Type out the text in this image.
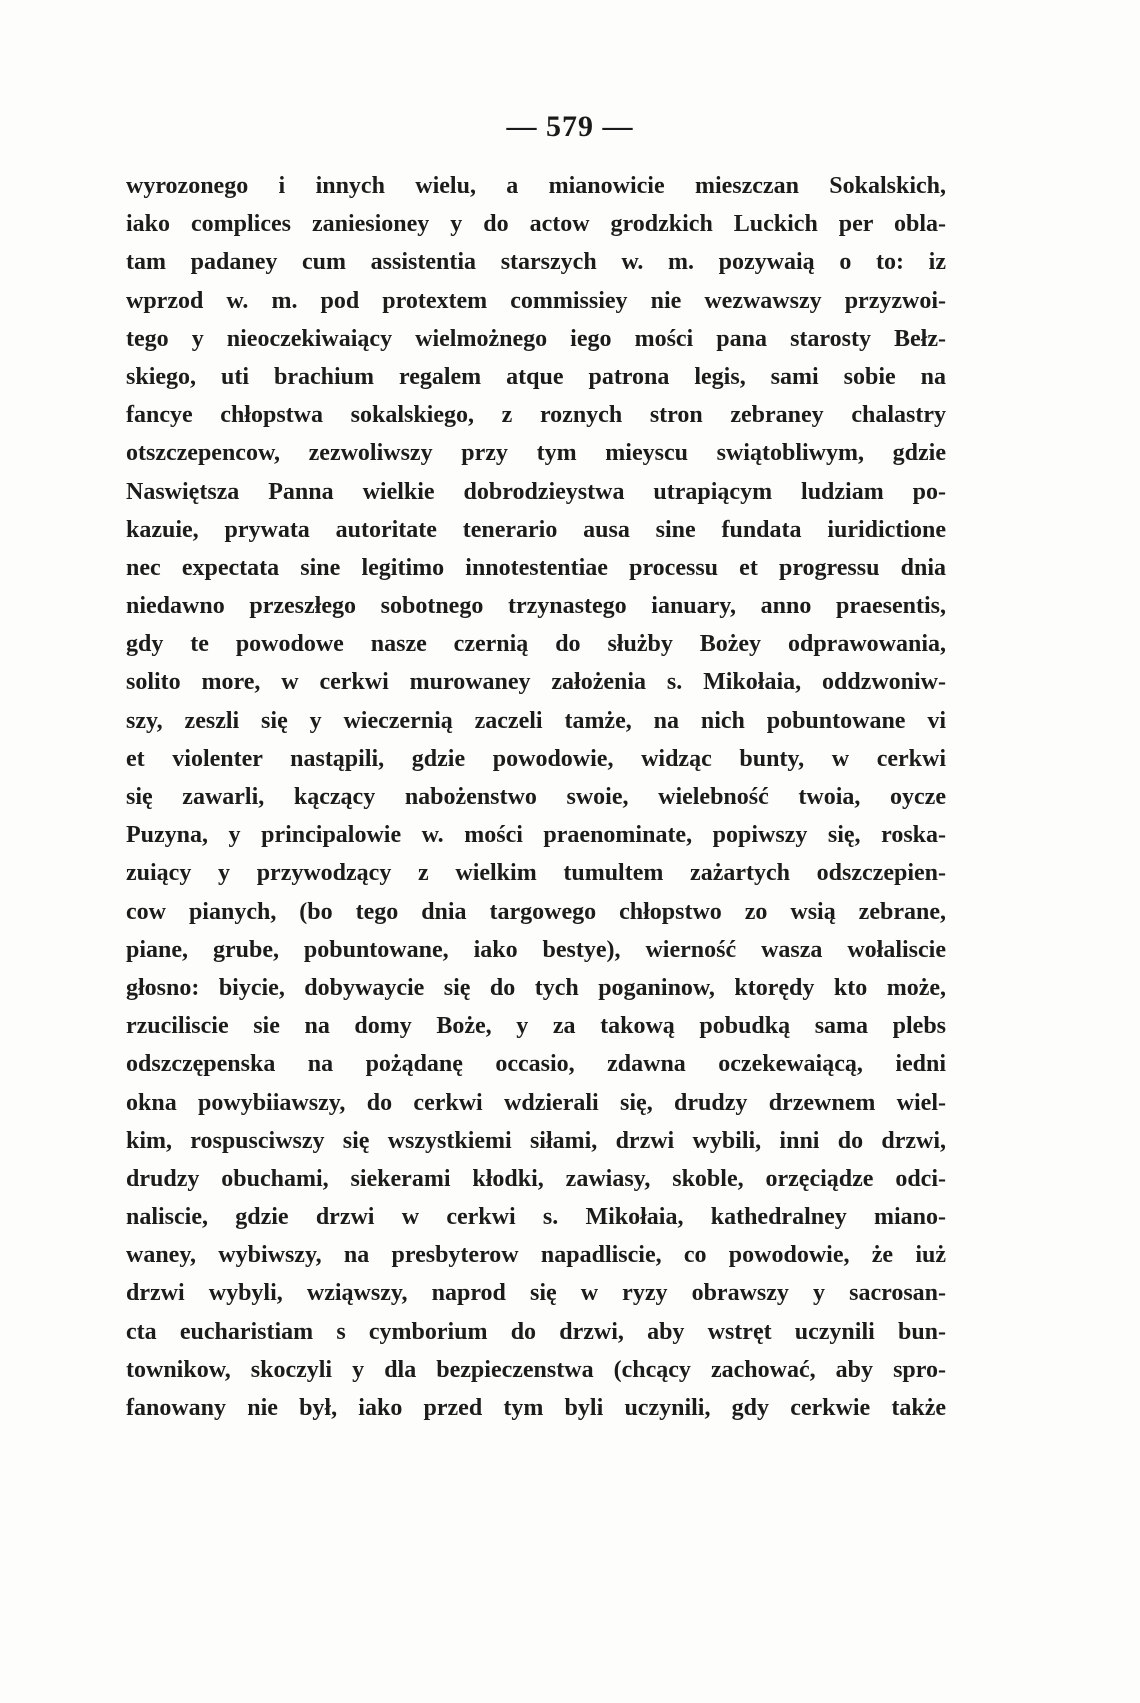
— 579 —
wyrozonego i innych wielu, a mianowicie mieszczan Sokalskich,
iako complices zaniesioney y do actow grodzkich Luckich per obla-
tam padaney cum assistentia starszych w. m. pozywaią o to: iz
wprzod w. m. pod protextem commissiey nie wezwawszy przyzwoi-
tego y nieoczekiwaiący wielmożnego iego mości pana starosty Bełz-
skiego, uti brachium regalem atque patrona legis, sami sobie na
fancye chłopstwa sokalskiego, z roznych stron zebraney chalastry
otszczepencow, zezwoliwszy przy tym mieyscu swiątobliwym, gdzie
Naswiętsza Panna wielkie dobrodzieystwa utrapiącym ludziam po-
kazuie, prywata autoritate tenerario ausa sine fundata iuridictione
nec expectata sine legitimo innotestentiae processu et progressu dnia
niedawno przeszłego sobotnego trzynastego ianuary, anno praesentis,
gdy te powodowe nasze czernią do służby Bożey odprawowania,
solito more, w cerkwi murowaney założenia s. Mikołaia, oddzwoniw-
szy, zeszli się y wieczernią zaczeli tamże, na nich pobuntowane vi
et violenter nastąpili, gdzie powodowie, widząc bunty, w cerkwi
się zawarli, kączący nabożenstwo swoie, wielebność twoia, oycze
Puzyna, y principalowie w. mości praenominate, popiwszy się, roska-
zuiący y przywodzący z wielkim tumultem zażartych odszczepien-
cow pianych, (bo tego dnia targowego chłopstwo zo wsią zebrane,
piane, grube, pobuntowane, iako bestye), wierność wasza wołaliscie
głosno: biycie, dobywaycie się do tych poganinow, ktorędy kto może,
rzuciliscie sie na domy Boże, y za takową pobudką sama plebs
odszczępenska na pożądanę occasio, zdawna oczekewaiącą, iedni
okna powybiiawszy, do cerkwi wdzierali się, drudzy drzewnem wiel-
kim, rospusciwszy się wszystkiemi siłami, drzwi wybili, inni do drzwi,
drudzy obuchami, siekerami kłodki, zawiasy, skoble, orzęciądze odci-
naliscie, gdzie drzwi w cerkwi s. Mikołaia, kathedralney miano-
waney, wybiwszy, na presbyterow napadliscie, co powodowie, że iuż
drzwi wybyli, wziąwszy, naprod się w ryzy obrawszy y sacrosan-
cta eucharistiam s cymborium do drzwi, aby wstręt uczynili bun-
townikow, skoczyli y dla bezpieczenstwa (chcący zachować, aby spro-
fanowany nie był, iako przed tym byli uczynili, gdy cerkwie także
